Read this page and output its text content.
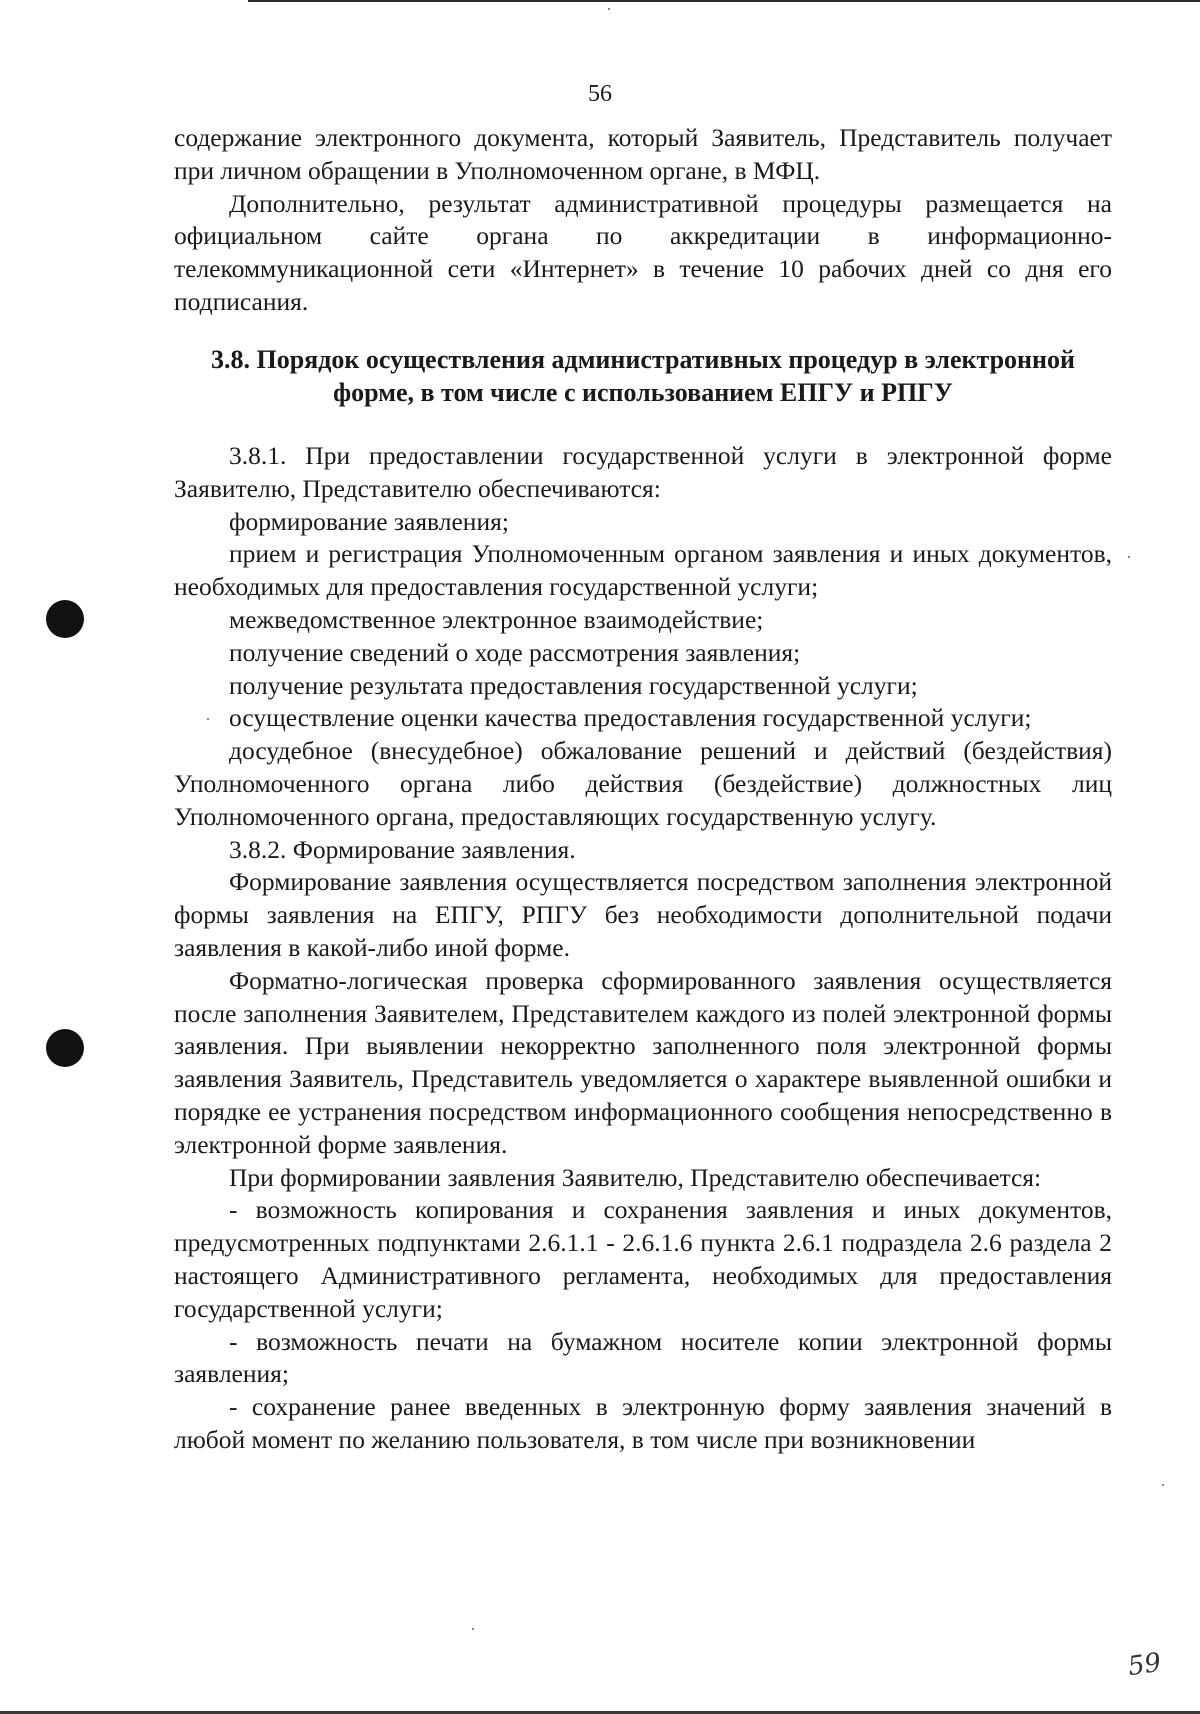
56

содержание электронного документа, который Заявитель, Представитель получает при личном обращении в Уполномоченном органе, в МФЦ.

Дополнительно, результат административной процедуры размещается на официальном сайте органа по аккредитации в информационно-телекоммуникационной сети «Интернет» в течение 10 рабочих дней со дня его подписания.

3.8. Порядок осуществления административных процедур в электронной
форме, в том числе с использованием ЕПГУ и РПГУ

3.8.1. При предоставлении государственной услуги в электронной форме Заявителю, Представителю обеспечиваются:

формирование заявления;

прием и регистрация Уполномоченным органом заявления и иных документов, необходимых для предоставления государственной услуги;

межведомственное электронное взаимодействие;

получение сведений о ходе рассмотрения заявления;

получение результата предоставления государственной услуги;

осуществление оценки качества предоставления государственной услуги;

досудебное (внесудебное) обжалование решений и действий (бездействия) Уполномоченного органа либо действия (бездействие) должностных лиц Уполномоченного органа, предоставляющих государственную услугу.

3.8.2. Формирование заявления.

Формирование заявления осуществляется посредством заполнения электронной формы заявления на ЕПГУ, РПГУ без необходимости дополнительной подачи заявления в какой-либо иной форме.

Форматно-логическая проверка сформированного заявления осуществляется после заполнения Заявителем, Представителем каждого из полей электронной формы заявления. При выявлении некорректно заполненного поля электронной формы заявления Заявитель, Представитель уведомляется о характере выявленной ошибки и порядке ее устранения посредством информационного сообщения непосредственно в электронной форме заявления.

При формировании заявления Заявителю, Представителю обеспечивается:

- возможность копирования и сохранения заявления и иных документов, предусмотренных подпунктами 2.6.1.1 - 2.6.1.6 пункта 2.6.1 подраздела 2.6 раздела 2 настоящего Административного регламента, необходимых для предоставления государственной услуги;

- возможность печати на бумажном носителе копии электронной формы заявления;

- сохранение ранее введенных в электронную форму заявления значений в любой момент по желанию пользователя, в том числе при возникновении

59
